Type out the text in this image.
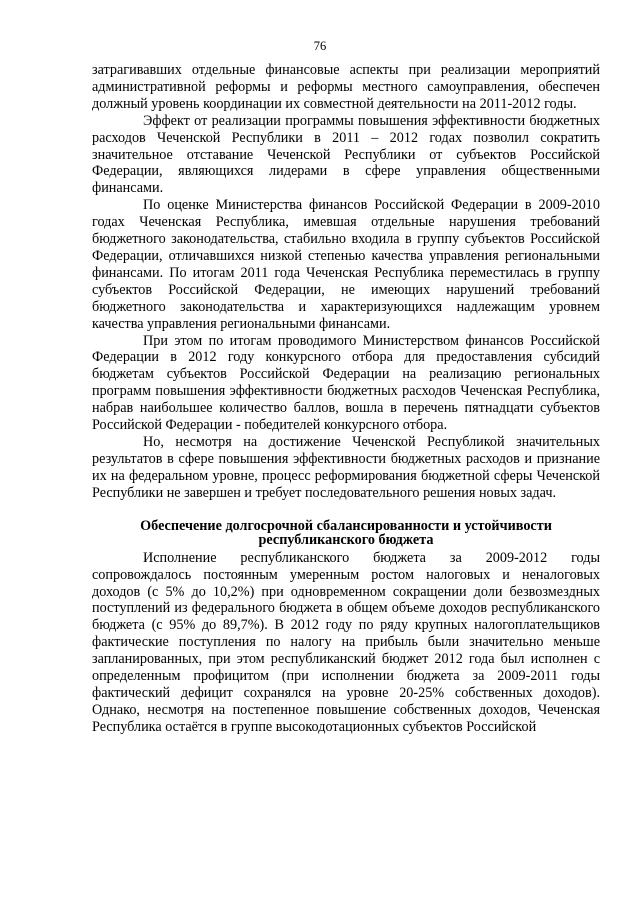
76

затрагивавших отдельные финансовые аспекты при реализации мероприятий административной реформы и реформы местного самоуправления, обеспечен должный уровень координации их совместной деятельности на 2011-2012 годы.

Эффект от реализации программы повышения эффективности бюджетных расходов Чеченской Республики в 2011 – 2012 годах позволил сократить значительное отставание Чеченской Республики от субъектов Российской Федерации, являющихся лидерами в сфере управления общественными финансами.

По оценке Министерства финансов Российской Федерации в 2009-2010 годах Чеченская Республика, имевшая отдельные нарушения требований бюджетного законодательства, стабильно входила в группу субъектов Российской Федерации, отличавшихся низкой степенью качества управления региональными финансами. По итогам 2011 года Чеченская Республика переместилась в группу субъектов Российской Федерации, не имеющих нарушений требований бюджетного законодательства и характеризующихся надлежащим уровнем качества управления региональными финансами.

При этом по итогам проводимого Министерством финансов Российской Федерации в 2012 году конкурсного отбора для предоставления субсидий бюджетам субъектов Российской Федерации на реализацию региональных программ повышения эффективности бюджетных расходов Чеченская Республика, набрав наибольшее количество баллов, вошла в перечень пятнадцати субъектов Российской Федерации - победителей конкурсного отбора.

Но, несмотря на достижение Чеченской Республикой значительных результатов в сфере повышения эффективности бюджетных расходов и признание их на федеральном уровне, процесс реформирования бюджетной сферы Чеченской Республики не завершен и требует последовательного решения новых задач.

Обеспечение долгосрочной сбалансированности и устойчивости
республиканского бюджета

Исполнение республиканского бюджета за 2009-2012 годы сопровождалось постоянным умеренным ростом налоговых и неналоговых доходов (с 5% до 10,2%) при одновременном сокращении доли безвозмездных поступлений из федерального бюджета в общем объеме доходов республиканского бюджета (с 95% до 89,7%). В 2012 году по ряду крупных налогоплательщиков фактические поступления по налогу на прибыль были значительно меньше запланированных, при этом республиканский бюджет 2012 года был исполнен с определенным профицитом (при исполнении бюджета за 2009-2011 годы фактический дефицит сохранялся на уровне 20-25% собственных доходов). Однако, несмотря на постепенное повышение собственных доходов, Чеченская Республика остаётся в группе высокодотационных субъектов Российской
